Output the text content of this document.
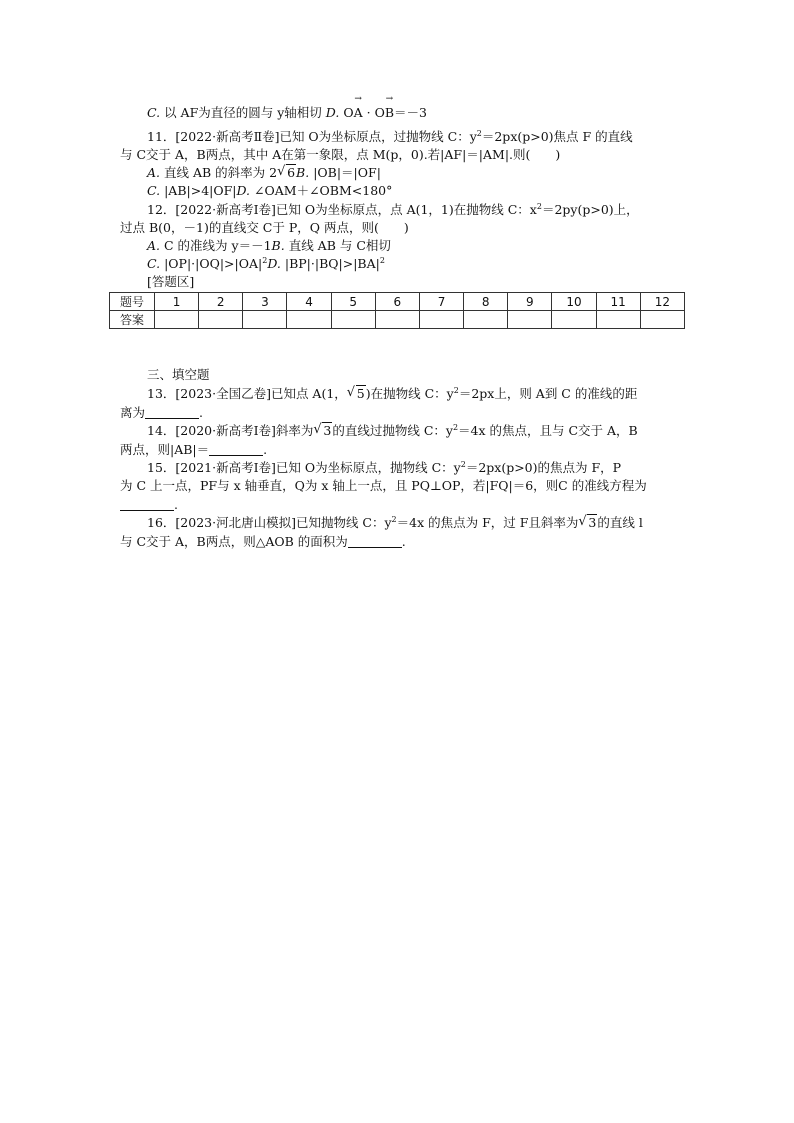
C. 以 AF为直径的圆与 y轴相切 D. O
→
A · O
→
B＝－3
11．[2022·新高考Ⅱ卷]已知 O为坐标原点，过抛物线 C：$y^2=2px(p>0)$焦点 F 的直线
与 C交于 A，B两点，其中 A在第一象限，点 M(p，0).若|AF|＝|AM|.则(　　)
A. 直线 AB 的斜率为 2 √ 6B. |OB|＝|OF|
C. |AB|>4|OF|D. ∠OAM＋∠OBM<180°
12．[2022·新高考Ⅰ卷]已知 O为坐标原点，点 A(1，1)在抛物线 C：$x^2=2py(p>0)$上，
过点 B(0，－1)的直线交 C于 P，Q 两点，则(　　)
A. C 的准线为 y＝－1B. 直线 AB 与 C相切
C. $|OP|\cdot|OQ|>|OA|^2D$. $|BP|\cdot|BQ|>|BA|^2$
[答题区]
题号	1	2	3	4	5	6	7	8	9	10	11	12
答案												
三、填空题
13．[2023·全国乙卷]已知点 A(1， √ 5)在抛物线 C：$y^2=2px$上，则 A到 C 的准线的距
离为	.
14．[2020·新高考Ⅰ卷]斜率为 √ 3的直线过抛物线 C：$y^2=4x$ 的焦点，且与 C交于 A，B
两点，则|AB|＝	.
15．[2021·新高考Ⅰ卷]已知 O为坐标原点，抛物线 C：$y^2=2px(p>0)$的焦点为 F，P
为 C 上一点，PF与 x 轴垂直，Q为 x 轴上一点，且 PQ⊥OP，若|FQ|＝6，则C 的准线方程为
.
16．[2023·河北唐山模拟]已知抛物线 C：$y^2=4x$ 的焦点为 F，过 F且斜率为 √ 3的直线 l
与 C交于 A，B两点，则△AOB 的面积为	.
